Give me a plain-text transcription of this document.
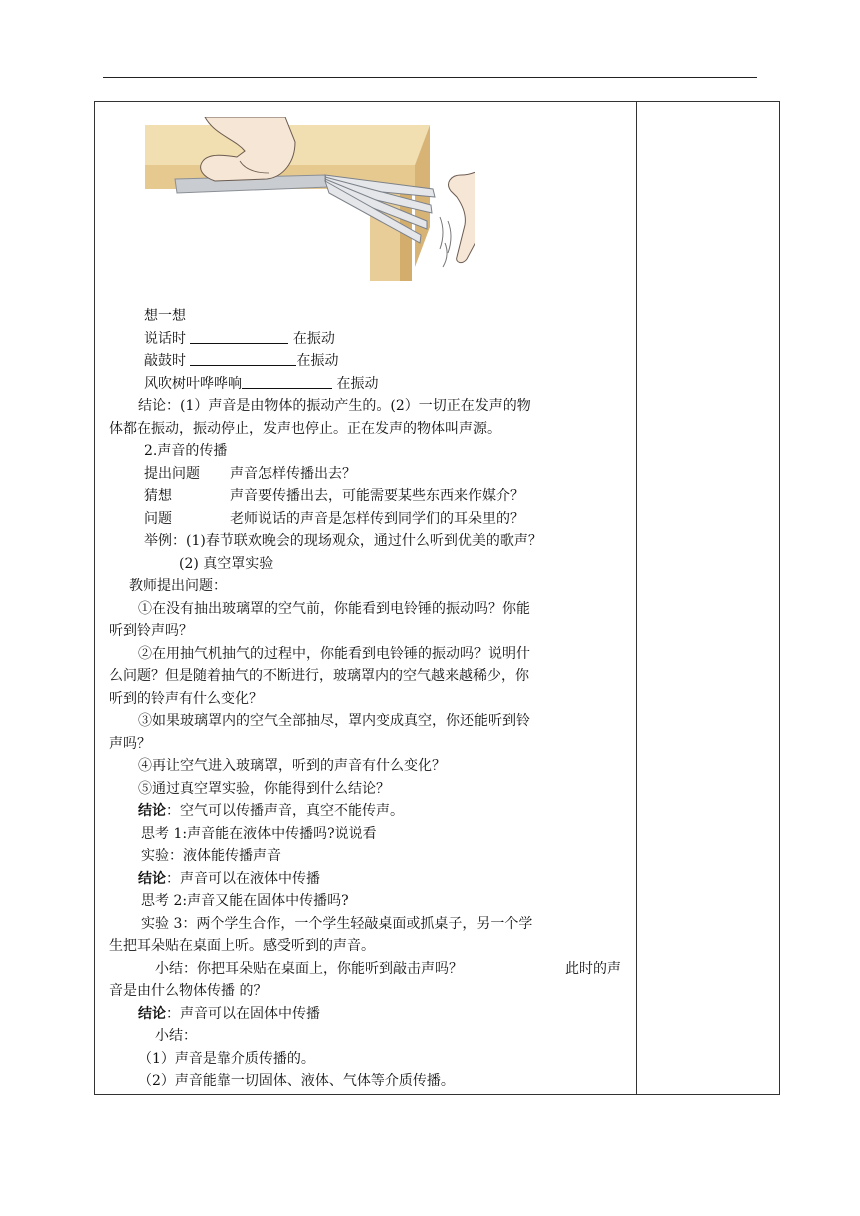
想一想
说话时	在振动
敲鼓时	在振动
风吹树叶哗哗响	在振动
结论：(1）声音是由物体的振动产生的。(2）一切正在发声的物
体都在振动，振动停止，发声也停止。正在发声的物体叫声源。
2.声音的传播
提出问题 声音怎样传播出去？
猜想	声音要传播出去，可能需要某些东西来作媒介？
问题	老师说话的声音是怎样传到同学们的耳朵里的？
举例：(1)春节联欢晚会的现场观众，通过什么听到优美的歌声？
(2) 真空罩实验
教师提出问题：
①在没有抽出玻璃罩的空气前，你能看到电铃锤的振动吗？你能
听到铃声吗？
②在用抽气机抽气的过程中，你能看到电铃锤的振动吗？说明什
么问题？但是随着抽气的不断进行，玻璃罩内的空气越来越稀少，你
听到的铃声有什么变化？
③如果玻璃罩内的空气全部抽尽，罩内变成真空，你还能听到铃
声吗？
④再让空气进入玻璃罩，听到的声音有什么变化？
⑤通过真空罩实验，你能得到什么结论？
结论：空气可以传播声音，真空不能传声。
思考 1:声音能在液体中传播吗?说说看
实验：液体能传播声音
结论：声音可以在液体中传播
思考 2:声音又能在固体中传播吗?
实验 3：两个学生合作，一个学生轻敲桌面或抓桌子，另一个学
生把耳朵贴在桌面上听。感受听到的声音。
小结：你把耳朵贴在桌面上，你能听到敲击声吗？	此时的声
音是由什么物体传播 的？
结论：声音可以在固体中传播
小结：
（1）声音是靠介质传播的。
（2）声音能靠一切固体、液体、气体等介质传播。
